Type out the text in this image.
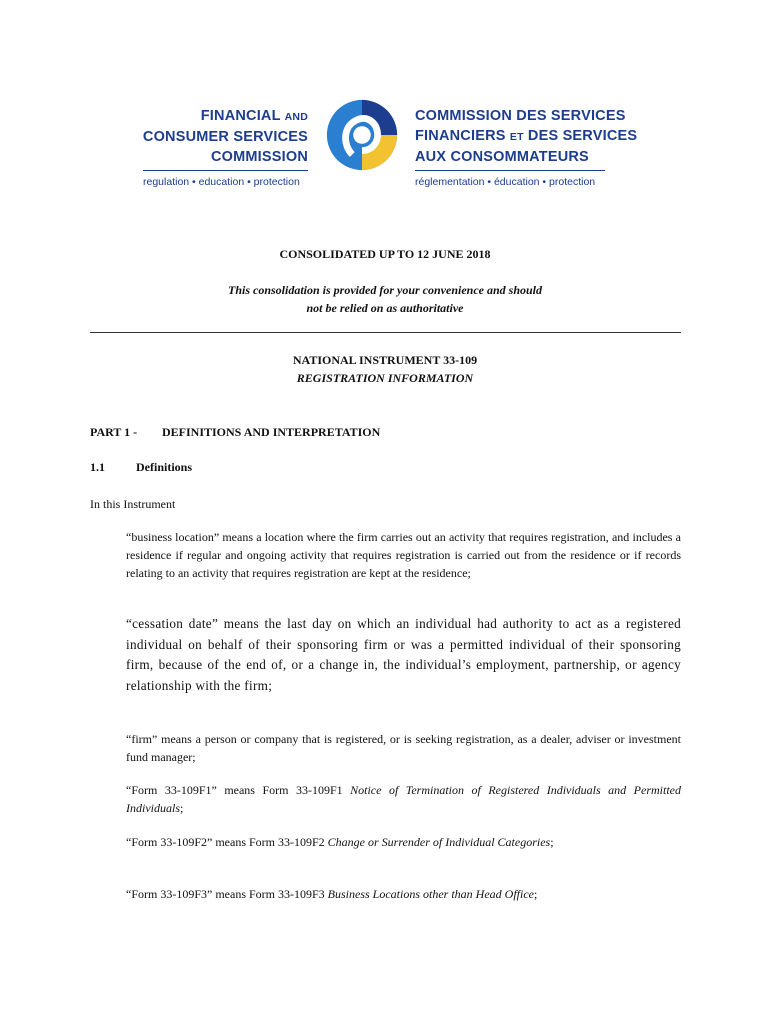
FINANCIAL AND
CONSUMER SERVICES
COMMISSION
regulation • education • protection
COMMISSION DES SERVICES
FINANCIERS ET DES SERVICES
AUX CONSOMMATEURS
réglementation • éducation • protection
CONSOLIDATED UP TO 12 JUNE 2018
This consolidation is provided for your convenience and should
not be relied on as authoritative
NATIONAL INSTRUMENT 33-109
REGISTRATION INFORMATION
PART 1 - DEFINITIONS AND INTERPRETATION
1.1	Definitions
In this Instrument
“business location” means a location where the firm carries out an activity that requires registration, and includes a residence if regular and ongoing activity that requires registration is carried out from the residence or if records relating to an activity that requires registration are kept at the residence;
“cessation date” means the last day on which an individual had authority to act as a registered individual on behalf of their sponsoring firm or was a permitted individual of their sponsoring firm, because of the end of, or a change in, the individual’s employment, partnership, or agency relationship with the firm;
“firm” means a person or company that is registered, or is seeking registration, as a dealer, adviser or investment fund manager;
“Form 33-109F1” means Form 33-109F1 Notice of Termination of Registered Individuals and Permitted Individuals;
“Form 33-109F2” means Form 33-109F2 Change or Surrender of Individual Categories;
“Form 33-109F3” means Form 33-109F3 Business Locations other than Head Office;
